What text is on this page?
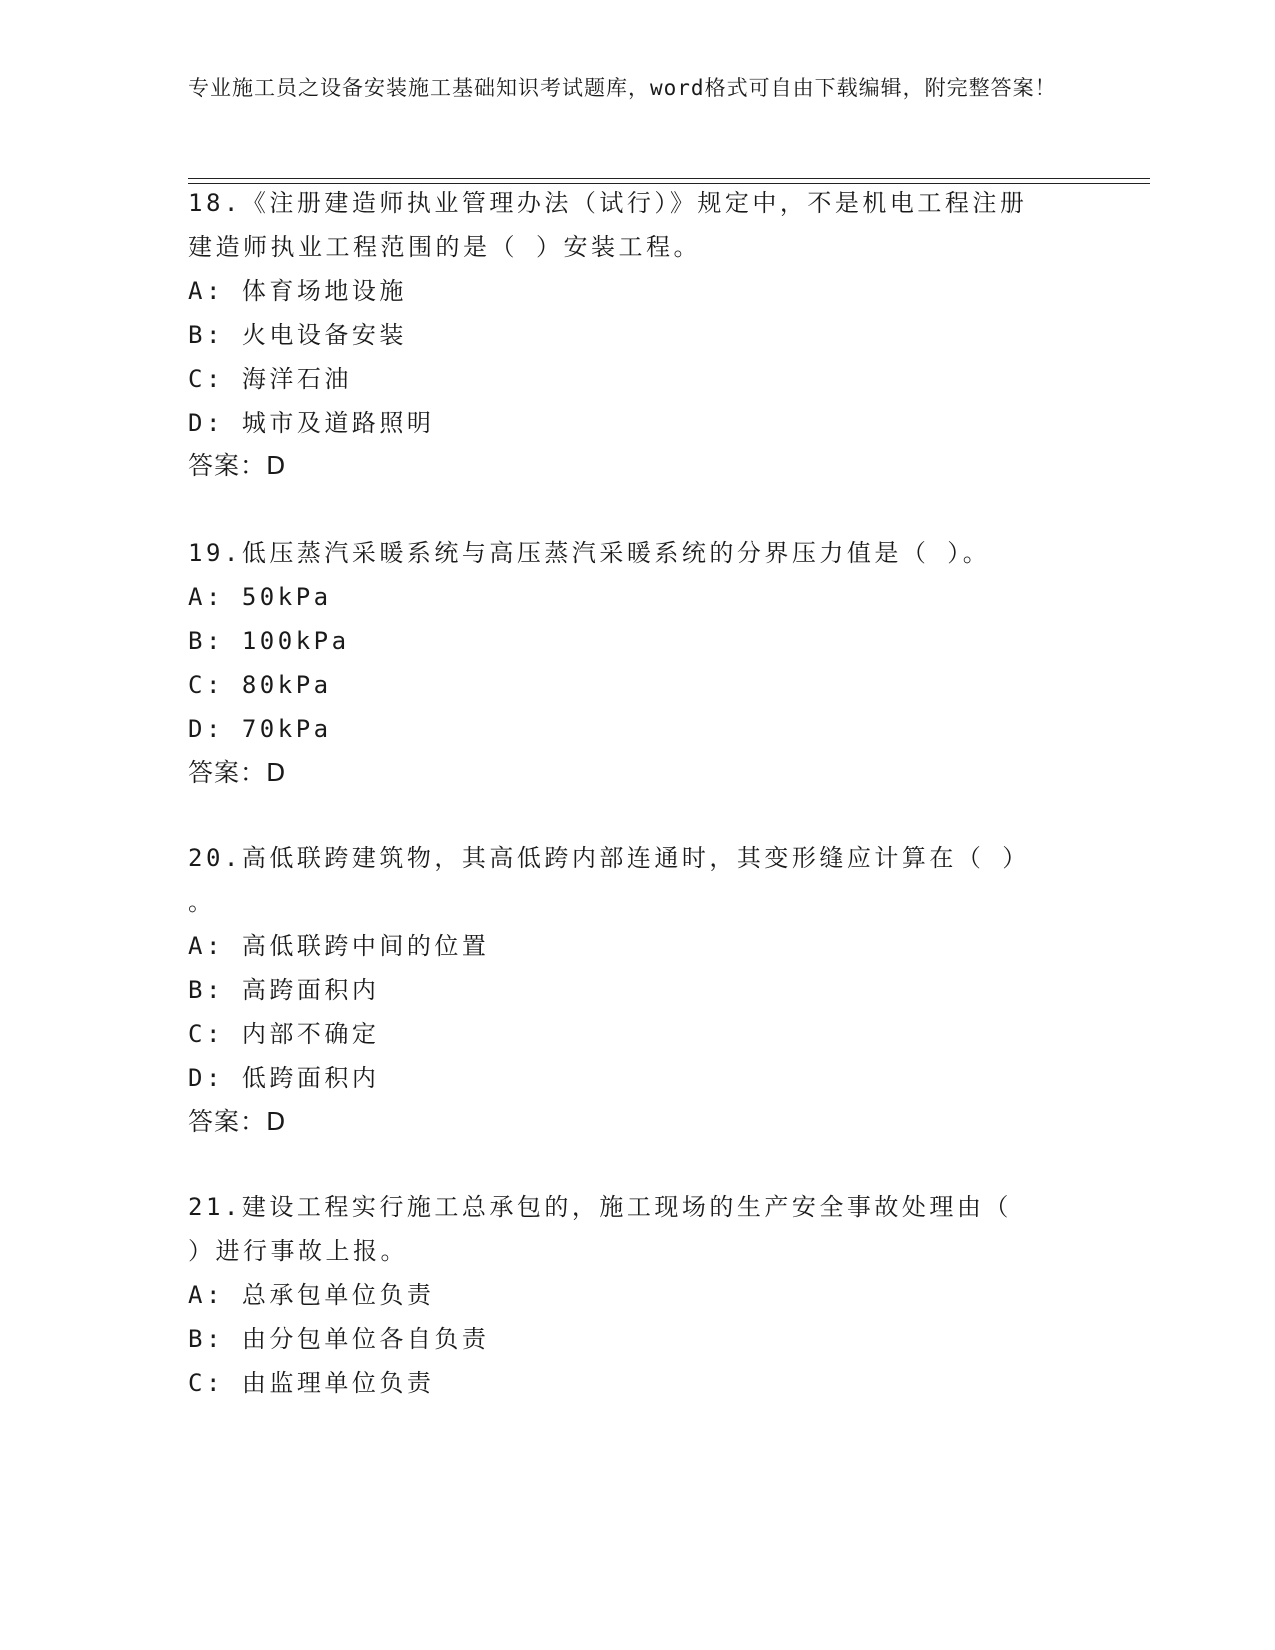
专业施工员之设备安装施工基础知识考试题库，word格式可自由下载编辑，附完整答案！
18.《注册建造师执业管理办法（试行）》规定中，不是机电工程注册
建造师执业工程范围的是（ ）安装工程。
A: 体育场地设施
B: 火电设备安装
C: 海洋石油
D: 城市及道路照明
答案：D
19.低压蒸汽采暖系统与高压蒸汽采暖系统的分界压力值是（ ）。
A: 50kPa
B: 100kPa
C: 80kPa
D: 70kPa
答案：D
20.高低联跨建筑物，其高低跨内部连通时，其变形缝应计算在（ ）
。
A: 高低联跨中间的位置
B: 高跨面积内
C: 内部不确定
D: 低跨面积内
答案：D
21.建设工程实行施工总承包的，施工现场的生产安全事故处理由（
）进行事故上报。
A: 总承包单位负责
B: 由分包单位各自负责
C: 由监理单位负责
